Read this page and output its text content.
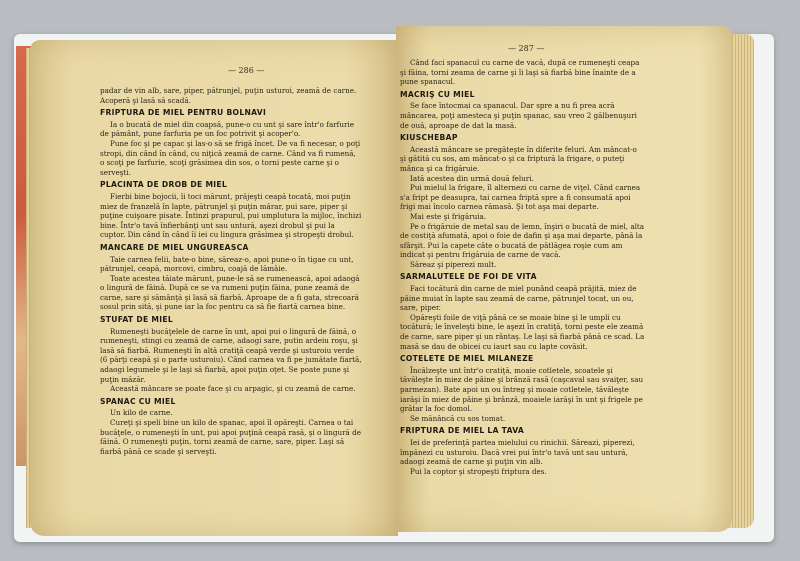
— 286 —

padar de vin alb, sare, piper, pătrunjel, puţin usturoi, zeamă de carne. Acoperă şi lasă să scadă.

FRIPTURA DE MIEL PENTRU BOLNAVI

Ia o bucată de miel din coapsă, pune-o cu unt şi sare într'o farfurie de pământ, pune farfuria pe un foc potrivit şi acoper'o.

Pune foc şi pe capac şi las-o să se frigă încet. De va fi necesar, o poţi stropi, din când în când, cu niţică zeamă de carne. Când va fi rumenă, o scoţi pe farfurie, scoţi grăsimea din sos, o torni peste carne şi o serveşti.

PLACINTA DE DROB DE MIEL

Fierbi bine bojocii, îi toci mărunt, prăjeşti ceapă tocată, moi puţin miez de franzelă în lapte, pătrunjel şi puţin mărar, pui sare, piper şi puţine cuişoare pisate. Întinzi prapurul, pui umplutura la mijloc, închizi bine. Într'o tavă înfierbânţi unt sau untură, aşezi drobul şi pui la cuptor. Din când în când îi iei cu lingura grăsimea şi stropeşti drobul.

MANCARE DE MIEL UNGUREASCA

Taie carnea felii, bate-o bine, săreaz-o, apoi pune-o în tigae cu unt, pătrunjel, ceapă, morcovi, cimbru, coajă de lămâie.

Toate acestea tăiate mărunt, pune-le să se rumenească, apoi adaogă o lingură de făină. După ce se va rumeni puţin făina, pune zeamă de carne, sare şi sămânţă şi lasă să fiarbă. Aproape de a fi gata, strecoară sosul prin sită, şi pune iar la foc pentru ca să fie fiartă carnea bine.

STUFAT DE MIEL

Rumeneşti bucăţelele de carne în unt, apoi pui o lingură de făină, o rumeneşti, stingi cu zeamă de carne, adaogi sare, putin ardeiu roşu, şi lasă să fiarbă. Rumeneşti în altă cratiţă ceapă verde şi usturoiu verde (6 părţi ceapă şi o parte usturoiu). Când carnea va fi pe jumătate fiartă, adaogi legumele şi le laşi să fiarbă, apoi puţin oţet. Se poate pune şi puţin măzăr.

Această mâncare se poate face şi cu arpagic, şi cu zeamă de carne.

SPANAC CU MIEL

Un kilo de carne.

Cureţi şi speli bine un kilo de spanac, apoi îl opăreşti. Carnea o tai bucăţele, o rumeneşti în unt, pui apoi puţină ceapă rasă, şi o lingură de făină. O rumeneşti puţin, torni zeamă de carne, sare, piper. Laşi să fiarbă până ce scade şi serveşti.

— 287 —

Când faci spanacul cu carne de vacă, după ce rumeneşti ceapa şi făina, torni zeama de carne şi îi laşi să fiarbă bine înainte de a pune spanacul.

MACRIŞ CU MIEL

Se face întocmai ca spanacul. Dar spre a nu fi prea acră mâncarea, poţi amesteca şi puţin spanac, sau vreo 2 gălbenuşuri de ouă, aproape de dat la masă.

KIUSCHEBAP

Această mâncare se pregăteşte în diferite feluri. Am mâncat-o şi gătită cu sos, am mâncat-o şi ca friptură la frigare, o puteţi mânca şi ca frigăruie.

Iată acestea din urmă două feluri.

Pui mielul la frigare, îl alternezi cu carne de viţel. Când carnea s'a fript pe deasupra, tai carnea friptă spre a fi consumată apoi frigi mai încolo carnea rămasă. Şi tot aşa mai departe.

Mai este şi frigăruia.

Pe o frigăruie de metal sau de lemn, înşiri o bucată de miel, alta de costiţă afumată, apoi o foie de dafin şi aşa mai departe, până la sfârşit. Pui la capete câte o bucată de pâtlăgea roşie cum am indicat şi pentru frigăruia de carne de vacă.

Săreaz şi piperezi mult.

SARMALUTELE DE FOI DE VITA

Faci tocătură din carne de miel punând ceapă prăjită, miez de pâine muiat în lapte sau zeamă de carne, pătrunjel tocat, un ou, sare, piper.

Opăreşti foile de viţă până ce se moaie bine şi le umpli cu tocătură; le înveleşti bine, le aşezi în cratiţă, torni peste ele zeamă de carne, sare piper şi un rântaş. Le laşi să fiarbă până ce scad. La masă se dau de obicei cu iaurt sau cu lapte covăsit.

COTELETE DE MIEL MILANEZE

Încălzeşte unt într'o cratiţă, moaie cotletele, scoatele şi tăvăleşte în miez de pâine şi brânză rasă (caşcaval sau svaiţer, sau parmezan). Bate apoi un ou întreg şi moaie cotletele, tăvăleşte iarăşi în miez de pâine şi brânză, moaiele iarăşi în unt şi frigele pe grătar la foc domol.

Se mănâncă cu sos tomat.

FRIPTURA DE MIEL LA TAVA

Iei de preferinţă partea mielului cu rinichii. Săreazi, piperezi, împănezi cu usturoiu. Dacă vrei pui într'o tavă unt sau untură, adaogi zeamă de carne şi puţin vin alb.

Pui la coptor şi stropeşti friptura des.
